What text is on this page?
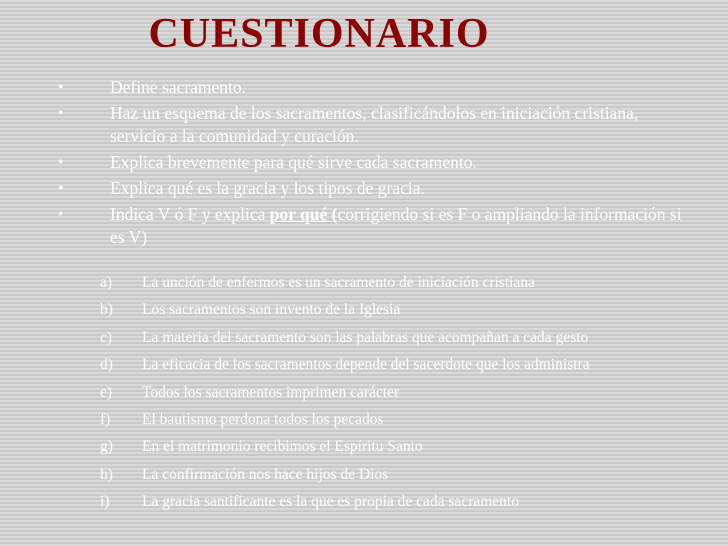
CUESTIONARIO
•	Define sacramento.
•	Haz un esquema de los sacramentos, clasificándolos en iniciación cristiana, servicio a la comunidad y curación.
•	Explica brevemente para qué sirve cada sacramento.
•	Explica qué es la gracia y los tipos de gracia.
•	Indica V ó F y explica por qué (corrigiendo si es F o ampliando la información si es V)
a) La unción de enfermos es un sacramento de iniciación cristiana
b) Los sacramentos son invento de la Iglesia
c) La materia del sacramento son las palabras que acompañan a cada gesto
d) La eficacia de los sacramentos depende del sacerdote que los administra
e) Todos los sacramentos imprimen carácter
f) El bautismo perdona todos los pecados
g) En el matrimonio recibimos el Espíritu Santo
h) La confirmación nos hace hijos de Dios
i) La gracia santificante es la que es propia de cada sacramento
